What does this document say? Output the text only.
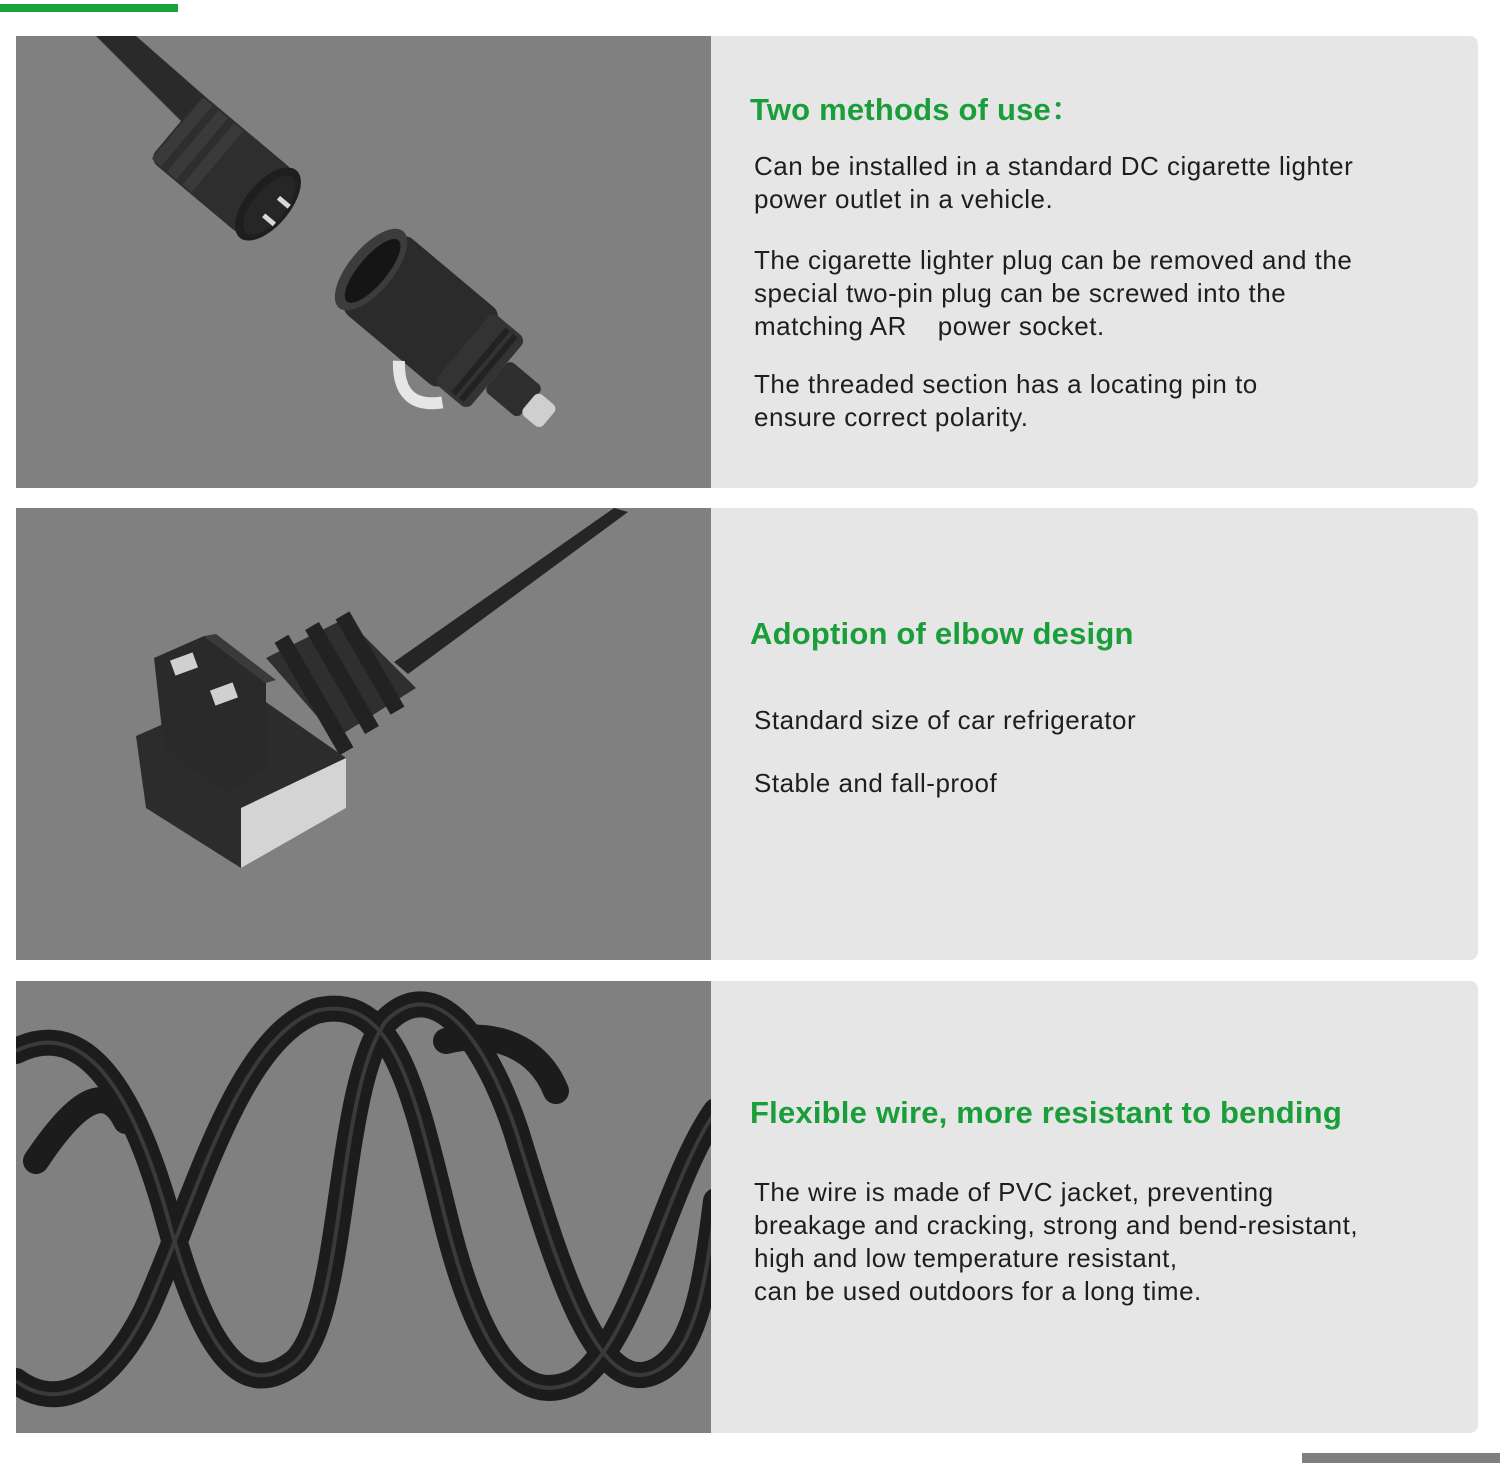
Two methods of use：

Can be installed in a standard DC cigarette lighter
power outlet in a vehicle.

The cigarette lighter plug can be removed and the
special two-pin plug can be screwed into the
matching AR    power socket.

The threaded section has a locating pin to
ensure correct polarity.

Adoption of elbow design

Standard size of car refrigerator

Stable and fall-proof

Flexible wire, more resistant to bending

The wire is made of PVC jacket, preventing
breakage and cracking, strong and bend-resistant,
high and low temperature resistant,
can be used outdoors for a long time.
